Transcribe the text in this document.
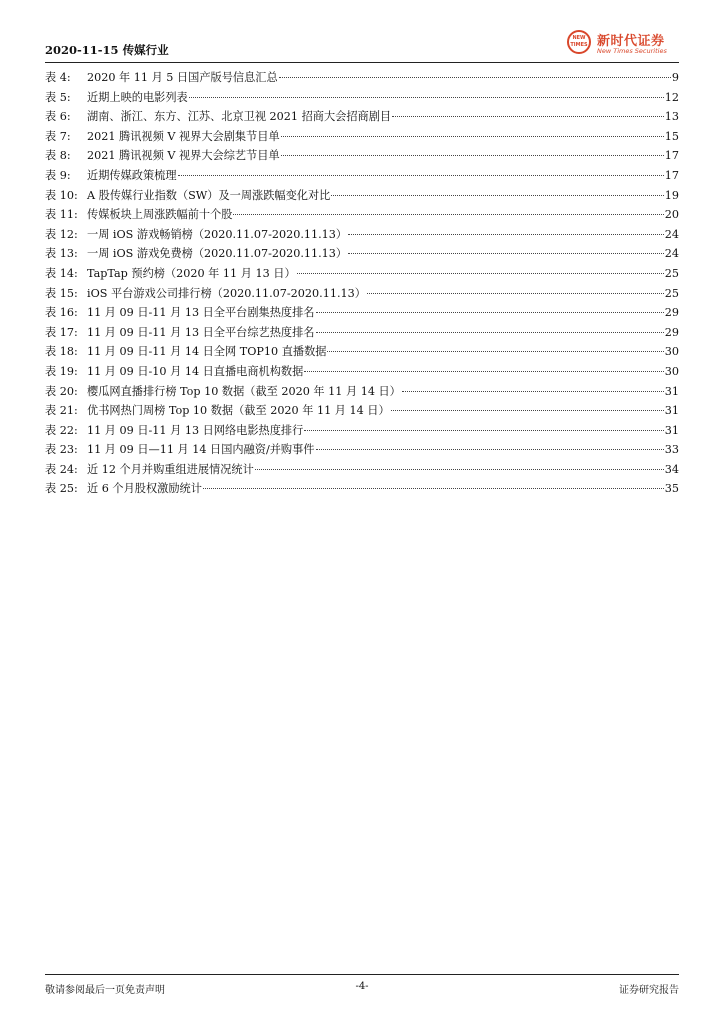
2020-11-15 传媒行业
NEW TIMES 新时代证券
New Times Securities
表 4:	2020 年 11 月 5 日国产版号信息汇总	9
表 5:	近期上映的电影列表	12
表 6:	湖南、浙江、东方、江苏、北京卫视 2021 招商大会招商剧目	13
表 7:	2021 腾讯视频 V 视界大会剧集节目单	15
表 8:	2021 腾讯视频 V 视界大会综艺节目单	17
表 9:	近期传媒政策梳理	17
表 10: A 股传媒行业指数（SW）及一周涨跌幅变化对比	19
表 11: 传媒板块上周涨跌幅前十个股	20
表 12: 一周 iOS 游戏畅销榜（2020.11.07-2020.11.13）	24
表 13: 一周 iOS 游戏免费榜（2020.11.07-2020.11.13）	24
表 14: TapTap 预约榜（2020 年 11 月 13 日）	25
表 15: iOS 平台游戏公司排行榜（2020.11.07-2020.11.13）	25
表 16: 11 月 09 日-11 月 13 日全平台剧集热度排名	29
表 17: 11 月 09 日-11 月 13 日全平台综艺热度排名	29
表 18: 11 月 09 日-11 月 14 日全网 TOP10 直播数据	30
表 19: 11 月 09 日-10 月 14 日直播电商机构数据	30
表 20: 樱瓜网直播排行榜 Top 10 数据（截至 2020 年 11 月 14 日）	31
表 21: 优书网热门周榜 Top 10 数据（截至 2020 年 11 月 14 日）	31
表 22: 11 月 09 日-11 月 13 日网络电影热度排行	31
表 23: 11 月 09 日—11 月 14 日国内融资/并购事件	33
表 24: 近 12 个月并购重组进展情况统计	34
表 25: 近 6 个月股权激励统计	35
敬请参阅最后一页免责声明	-4-	证券研究报告
